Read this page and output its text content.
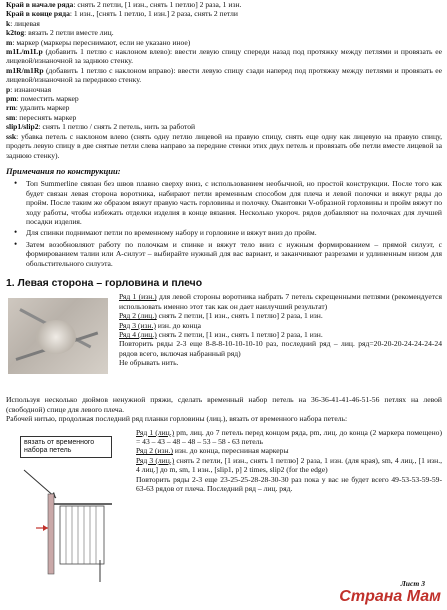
Край в начале ряда: снять 2 петли, [1 изн., снять 1 петлю] 2 раза, 1 изн.

Край в конце ряда: 1 изн., [снять 1 петлю, 1 изн.] 2 раза, снять 2 петли

k: лицевая

k2tog: вязать 2 петли вместе лиц.

m: маркер (маркеры переснимают, если не указано иное)

m1L/m1Lp (добавить 1 петлю с наклоном влево): ввести левую спицу спереди назад под протяжку между петлями и провязать ее лицевой/изнаночной за заднюю стенку.

m1R/m1Rp (добавить 1 петлю с наклоном вправо): ввести левую спицу сзади наперед под протяжку между петлями и провязать ее лицевой/изнаночной за переднюю стенку.

p: изнаночная

pm: поместить маркер

rm: удалить маркер

sm: переснять маркер

slip1/slip2: снять 1 петлю / снять 2 петель, нить за работой

ssk: убавка петель с наклоном влево (снять одну петлю лицевой на правую спицу, снять еще одну как лицевую на правую спицу, продеть левую спицу в две снятые петли слева направо за передние стенки этих двух петель и провязать обе петли вместе лицевой за заднюю стенку).

Примечания по конструкции:
• Топ Summerline связан без швов плавно сверху вниз, с использованием необычной, но простой конструкции. После того как будет связан левая сторона воротника, набирают петли временным способом для плеча и левой полочки и вяжут ряды до пройм. После таким же образом вяжут правую часть горловины и полочку. Окантовки V-образной горловины и пройм вяжут по ходу работы, чтобы избежать отделки изделия в конце вязания. Несколько укороч. рядов добавляют на полочках для лучшей посадки изделия.
• Для спинки поднимают петли по временному набору и горловине и вяжут вниз до пройм.
• Затем возобновляют работу по полочкам и спинке и вяжут тело вниз с нужным формированием – прямой силуэт, с формированием талии или А-силуэт – выбирайте нужный для вас вариант, и заканчивают разрезами и удлиненным низом для обольстительного силуэта.
1. Левая сторона – горловина и плечо

Ряд 1 (изн.) для левой стороны воротника набрать 7 петель скрещенными петлями (рекомендуется использовать именно этот так как он дает наилучший результат)

Ряд 2 (лиц.) снять 2 петли, [1 изн., снять 1 петлю] 2 раза, 1 изн.

Ряд 3 (изн.) изн. до конца

Ряд 4 (лиц.) снять 2 петли, [1 изн., снять 1 петлю] 2 раза, 1 изн.

Повторить ряды 2-3 еще 8-8-8-10-10-10-10 раз, последний ряд – лиц. ряд=20-20-20-24-24-24-24 рядов всего, включая набранный ряд)

Не обрывать нить.

Используя несколько дюймов ненужной пряжи, сделать временный набор петель на 36-36-41-41-46-51-56 петлях на левой (свободной) спице для левого плеча.

Рабочей нитью, продолжая последний ряд планки горловины (лиц.), вязать от временного набора петель:

вязать от временного набора петель

Ряд 1 (лиц.) pm, лиц. до 7 петель перед концом ряда, pm, лиц. до конца (2 маркера помещено) = 43 – 43 – 48 – 48 – 53 – 58 - 63 петель

Ряд 2 (изн.) изн. до конца, пересниная маркеры

Ряд 3 (лиц.) снять 2 петли, [1 изн., снять 1 петлю] 2 раза, 1 изн. (для края), sm, 4 лиц., [1 изн., 4 лиц.] до m, sm, 1 изн., [slip1, p] 2 times, slip2 (for the edge)

Повторить ряды 2-3 еще 23-25-25-28-28-30-30 раз пока у вас не будет всего 49-53-53-59-59-63-63 рядов от плеча. Последний ряд – лиц. ряд.

Лист 3
Страна Мам
